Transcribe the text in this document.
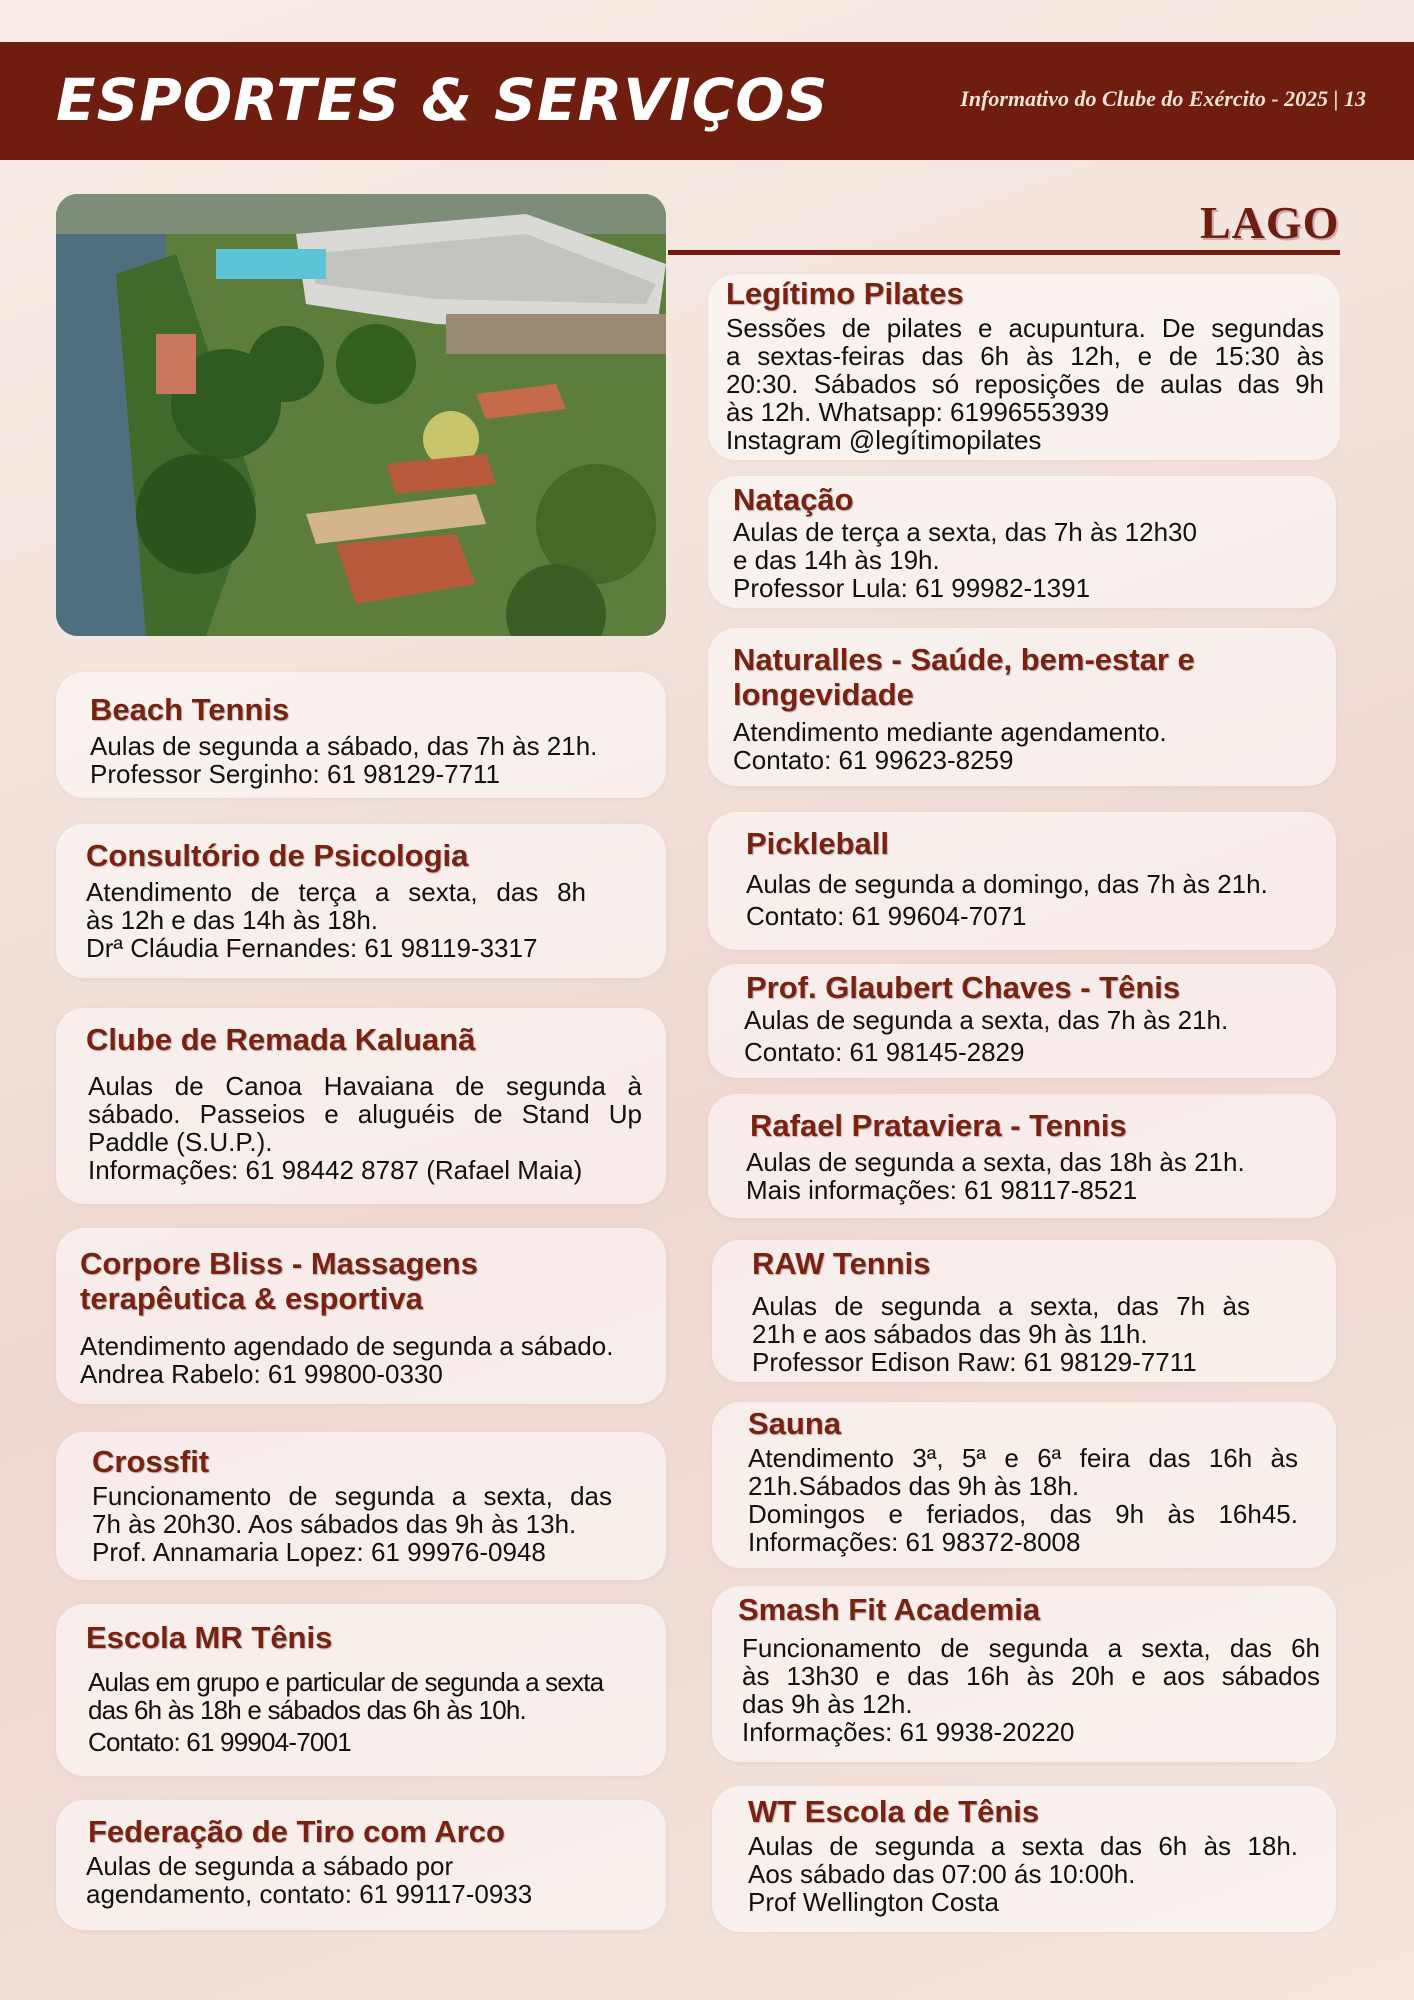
ESPORTES & SERVIÇOS	Informativo do Clube do Exército - 2025 | 13
LAGO
Beach Tennis
Aulas de segunda a sábado, das 7h às 21h.
Professor Serginho: 61 98129-7711
Consultório de Psicologia
Atendimento de terça a sexta, das 8h
às 12h e das 14h às 18h.
Drª Cláudia Fernandes: 61 98119-3317
Clube de Remada Kaluanã
Aulas de Canoa Havaiana de segunda à
sábado. Passeios e aluguéis de Stand Up
Paddle (S.U.P.).
Informações: 61 98442 8787 (Rafael Maia)
Corpore Bliss - Massagens
terapêutica & esportiva
Atendimento agendado de segunda a sábado.
Andrea Rabelo: 61 99800-0330
Crossfit
Funcionamento de segunda a sexta, das
7h às 20h30. Aos sábados das 9h às 13h.
Prof. Annamaria Lopez: 61 99976-0948
Escola MR Tênis
Aulas em grupo e particular de segunda a sexta
das 6h às 18h e sábados das 6h às 10h.
Contato: 61 99904-7001
Federação de Tiro com Arco
Aulas de segunda a sábado por
agendamento, contato: 61 99117-0933
Legítimo Pilates
Sessões de pilates e acupuntura. De segundas
a sextas-feiras das 6h às 12h, e de 15:30 às
20:30. Sábados só reposições de aulas das 9h
às 12h. Whatsapp: 61996553939
Instagram @legítimopilates
Natação
Aulas de terça a sexta, das 7h às 12h30
e das 14h às 19h.
Professor Lula: 61 99982-1391
Naturalles - Saúde, bem-estar e
longevidade
Atendimento mediante agendamento.
Contato: 61 99623-8259
Pickleball
Aulas de segunda a domingo, das 7h às 21h.
Contato: 61 99604-7071
Prof. Glaubert Chaves - Tênis
Aulas de segunda a sexta, das 7h às 21h.
Contato: 61 98145-2829
Rafael Prataviera - Tennis
Aulas de segunda a sexta, das 18h às 21h.
Mais informações: 61 98117-8521
RAW Tennis
Aulas de segunda a sexta, das 7h às
21h e aos sábados das 9h às 11h.
Professor Edison Raw: 61 98129-7711
Sauna
Atendimento 3ª, 5ª e 6ª feira das 16h às
21h.Sábados das 9h às 18h.
Domingos e feriados, das 9h às 16h45.
Informações: 61 98372-8008
Smash Fit Academia
Funcionamento de segunda a sexta, das 6h
às 13h30 e das 16h às 20h e aos sábados
das 9h às 12h.
Informações: 61 9938-20220
WT Escola de Tênis
Aulas de segunda a sexta das 6h às 18h.
Aos sábado das 07:00 ás 10:00h.
Prof Wellington Costa
